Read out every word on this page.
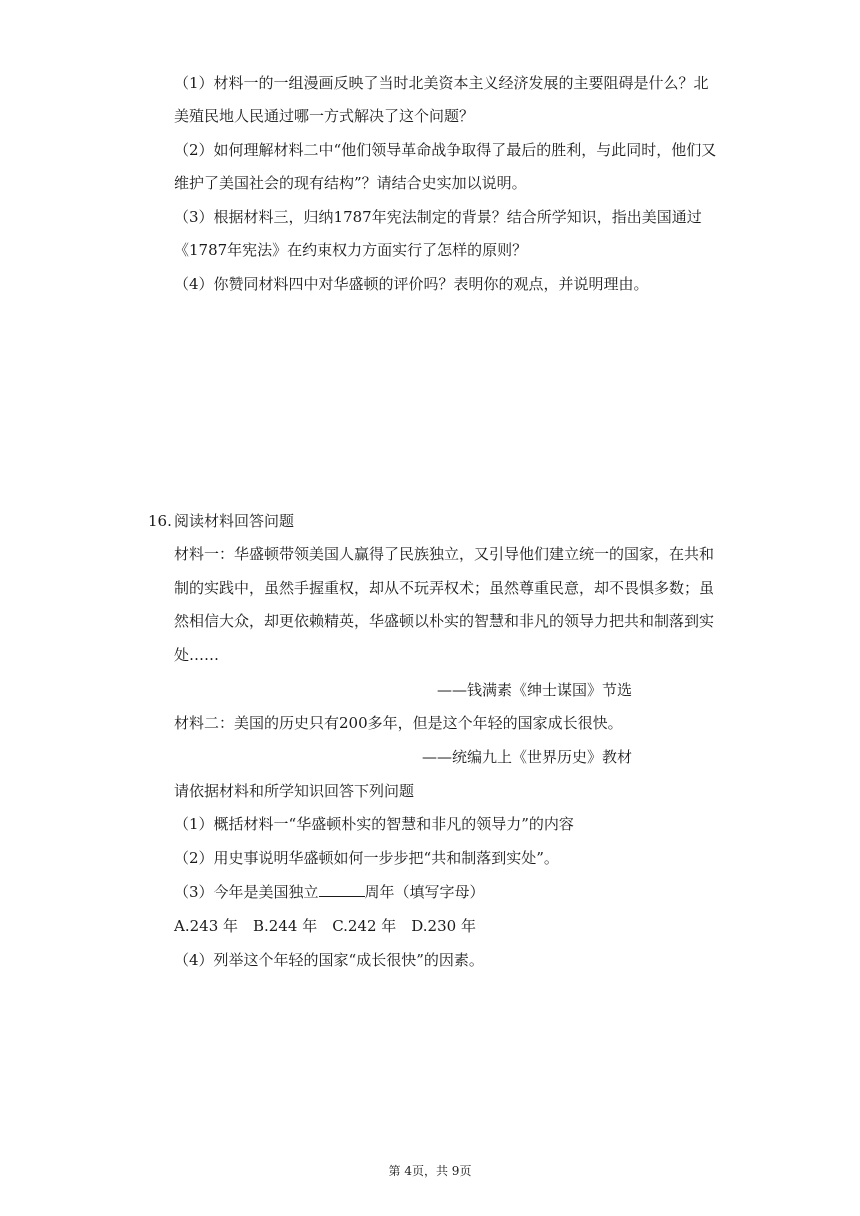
（1）材料一的一组漫画反映了当时北美资本主义经济发展的主要阻碍是什么？北
美殖民地人民通过哪一方式解决了这个问题？
（2）如何理解材料二中“他们领导革命战争取得了最后的胜利，与此同时，他们又
维护了美国社会的现有结构”？请结合史实加以说明。
（3）根据材料三，归纳1787年宪法制定的背景？结合所学知识，指出美国通过
《1787年宪法》在约束权力方面实行了怎样的原则？
（4）你赞同材料四中对华盛顿的评价吗？表明你的观点，并说明理由。
16. 阅读材料回答问题
材料一：华盛顿带领美国人赢得了民族独立，又引导他们建立统一的国家，在共和
制的实践中，虽然手握重权，却从不玩弄权术；虽然尊重民意，却不畏惧多数；虽
然相信大众，却更依赖精英，华盛顿以朴实的智慧和非凡的领导力把共和制落到实
处……
——钱满素《绅士谋国》节选
材料二：美国的历史只有200多年，但是这个年轻的国家成长很快。
——统编九上《世界历史》教材
请依据材料和所学知识回答下列问题
（1）概括材料一“华盛顿朴实的智慧和非凡的领导力”的内容
（2）用史事说明华盛顿如何一步步把“共和制落到实处”。
（3）今年是美国独立	周年（填写字母）
A.243 年　B.244 年　C.242 年　D.230 年
（4）列举这个年轻的国家“成长很快”的因素。
第 4页，共 9页
